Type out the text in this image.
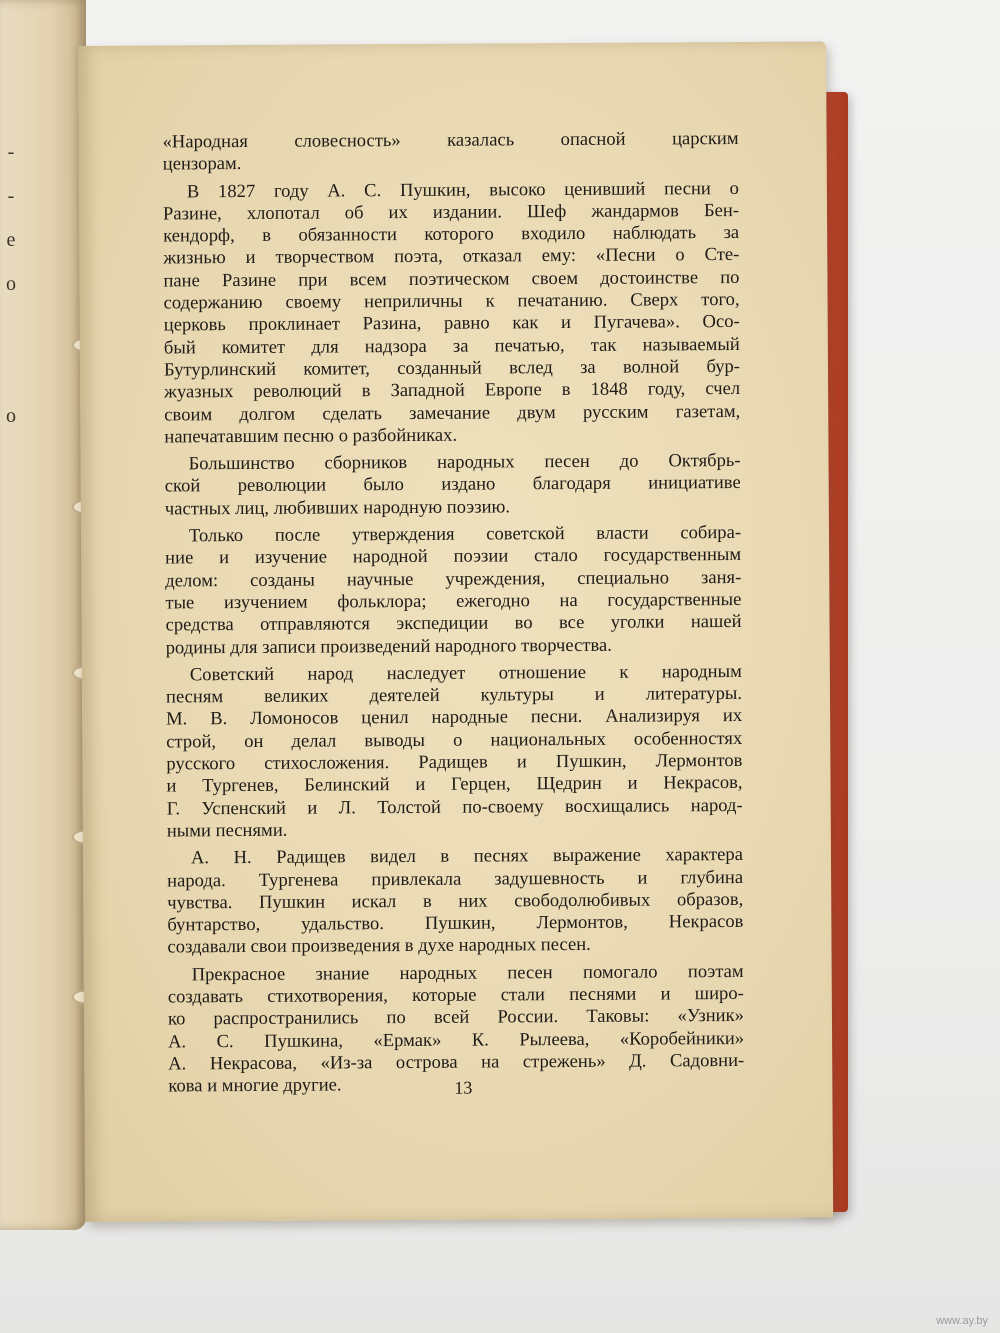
-
-
e
o
o
«Народная словесность» казалась опасной царским
цензорам.
В 1827 году А. С. Пушкин, высоко ценивший песни о
Разине, хлопотал об их издании. Шеф жандармов Бен-
кендорф, в обязанности которого входило наблюдать за
жизнью и творчеством поэта, отказал ему: «Песни о Сте-
пане Разине при всем поэтическом своем достоинстве по
содержанию своему неприличны к печатанию. Сверх того,
церковь проклинает Разина, равно как и Пугачева». Осо-
бый комитет для надзора за печатью, так называемый
Бутурлинский комитет, созданный вслед за волной бур-
жуазных революций в Западной Европе в 1848 году, счел
своим долгом сделать замечание двум русским газетам,
напечатавшим песню о разбойниках.
Большинство сборников народных песен до Октябрь-
ской революции было издано благодаря инициативе
частных лиц, любивших народную поэзию.
Только после утверждения советской власти собира-
ние и изучение народной поэзии стало государственным
делом: созданы научные учреждения, специально заня-
тые изучением фольклора; ежегодно на государственные
средства отправляются экспедиции во все уголки нашей
родины для записи произведений народного творчества.
Советский народ наследует отношение к народным
песням великих деятелей культуры и литературы.
М. В. Ломоносов ценил народные песни. Анализируя их
строй, он делал выводы о национальных особенностях
русского стихосложения. Радищев и Пушкин, Лермонтов
и Тургенев, Белинский и Герцен, Щедрин и Некрасов,
Г. Успенский и Л. Толстой по-своему восхищались народ-
ными песнями.
А. Н. Радищев видел в песнях выражение характера
народа. Тургенева привлекала задушевность и глубина
чувства. Пушкин искал в них свободолюбивых образов,
бунтарство, удальство. Пушкин, Лермонтов, Некрасов
создавали свои произведения в духе народных песен.
Прекрасное знание народных песен помогало поэтам
создавать стихотворения, которые стали песнями и широ-
ко распространились по всей России. Таковы: «Узник»
А. С. Пушкина, «Ермак» К. Рылеева, «Коробейники»
А. Некрасова, «Из-за острова на стрежень» Д. Садовни-
кова и многие другие.	13
www.ay.by
